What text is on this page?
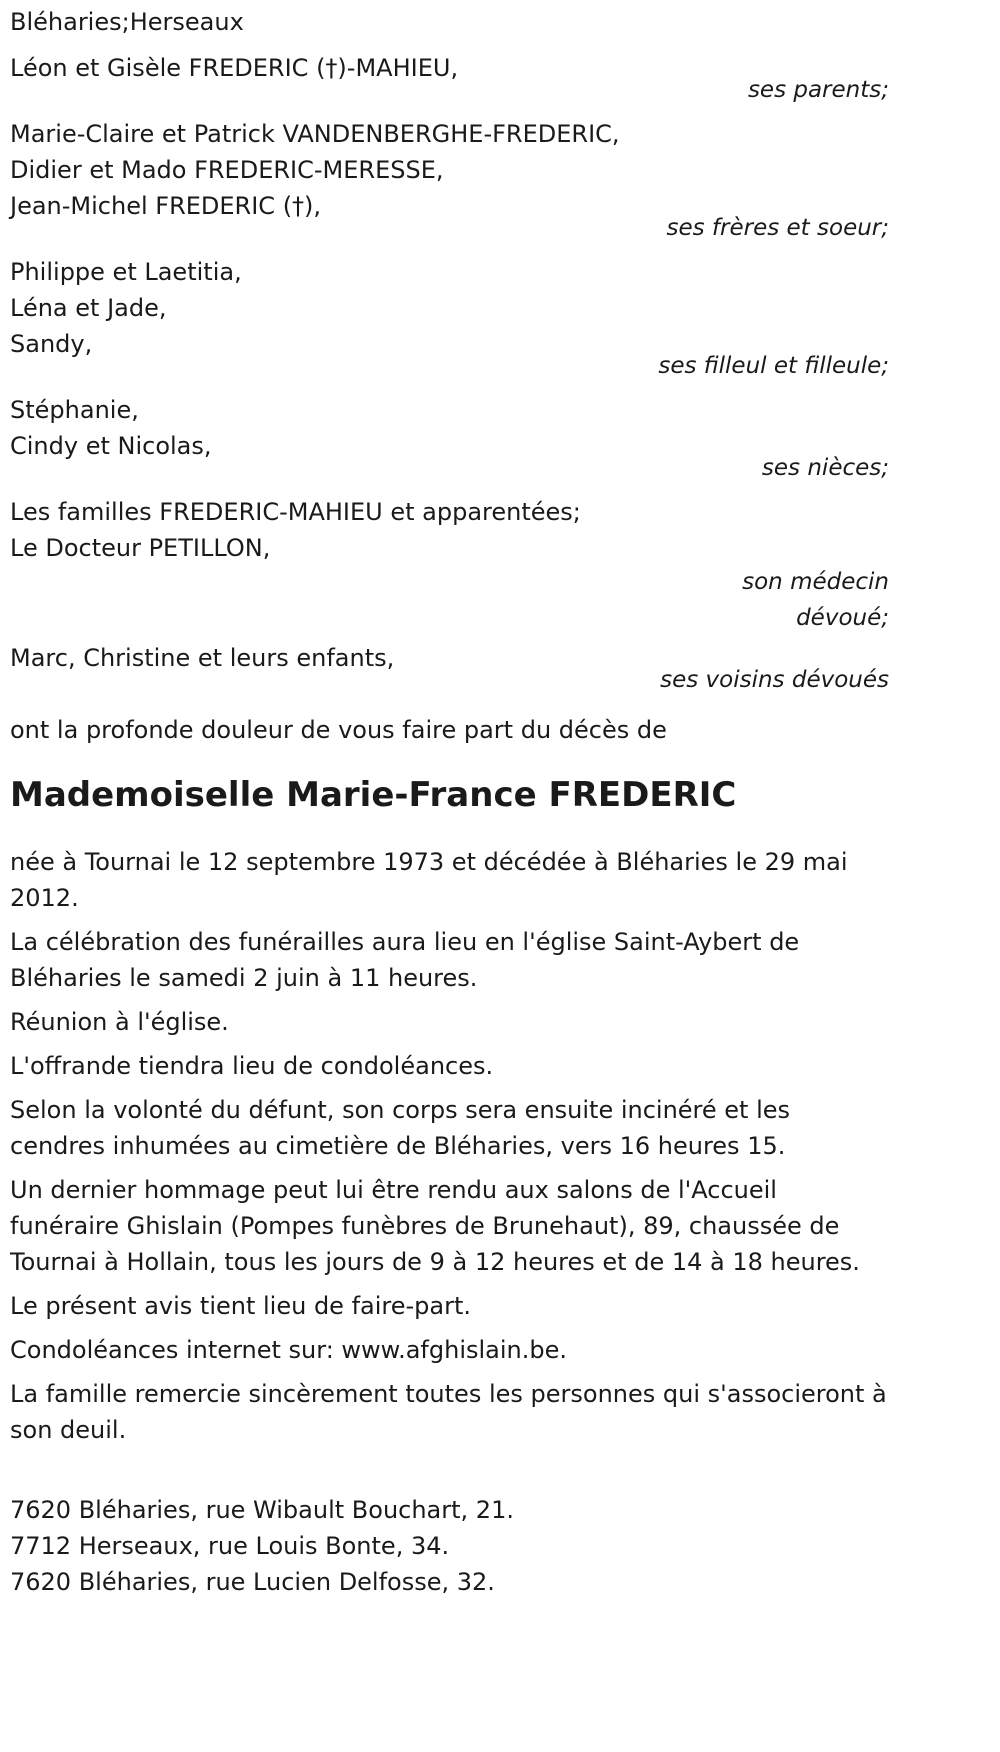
Bléharies;Herseaux
Léon et Gisèle FREDERIC (†)-MAHIEU,
ses parents;
Marie-Claire et Patrick VANDENBERGHE-FREDERIC,
Didier et Mado FREDERIC-MERESSE,
Jean-Michel FREDERIC (†),
ses frères et soeur;
Philippe et Laetitia,
Léna et Jade,
Sandy,
ses filleul et filleule;
Stéphanie,
Cindy et Nicolas,
ses nièces;
Les familles FREDERIC-MAHIEU et apparentées;
Le Docteur PETILLON,
son médecin
dévoué;
Marc, Christine et leurs enfants,
ses voisins dévoués
ont la profonde douleur de vous faire part du décès de
Mademoiselle Marie-France FREDERIC
née à Tournai le 12 septembre 1973 et décédée à Bléharies le 29 mai 2012.
La célébration des funérailles aura lieu en l'église Saint-Aybert de Bléharies le samedi 2 juin à 11 heures.
Réunion à l'église.
L'offrande tiendra lieu de condoléances.
Selon la volonté du défunt, son corps sera ensuite incinéré et les cendres inhumées au cimetière de Bléharies, vers 16 heures 15.
Un dernier hommage peut lui être rendu aux salons de l'Accueil funéraire Ghislain (Pompes funèbres de Brunehaut), 89, chaussée de Tournai à Hollain, tous les jours de 9 à 12 heures et de 14 à 18 heures.
Le présent avis tient lieu de faire-part.
Condoléances internet sur: www.afghislain.be.
La famille remercie sincèrement toutes les personnes qui s'associeront à son deuil.
7620 Bléharies, rue Wibault Bouchart, 21.
7712 Herseaux, rue Louis Bonte, 34.
7620 Bléharies, rue Lucien Delfosse, 32.
